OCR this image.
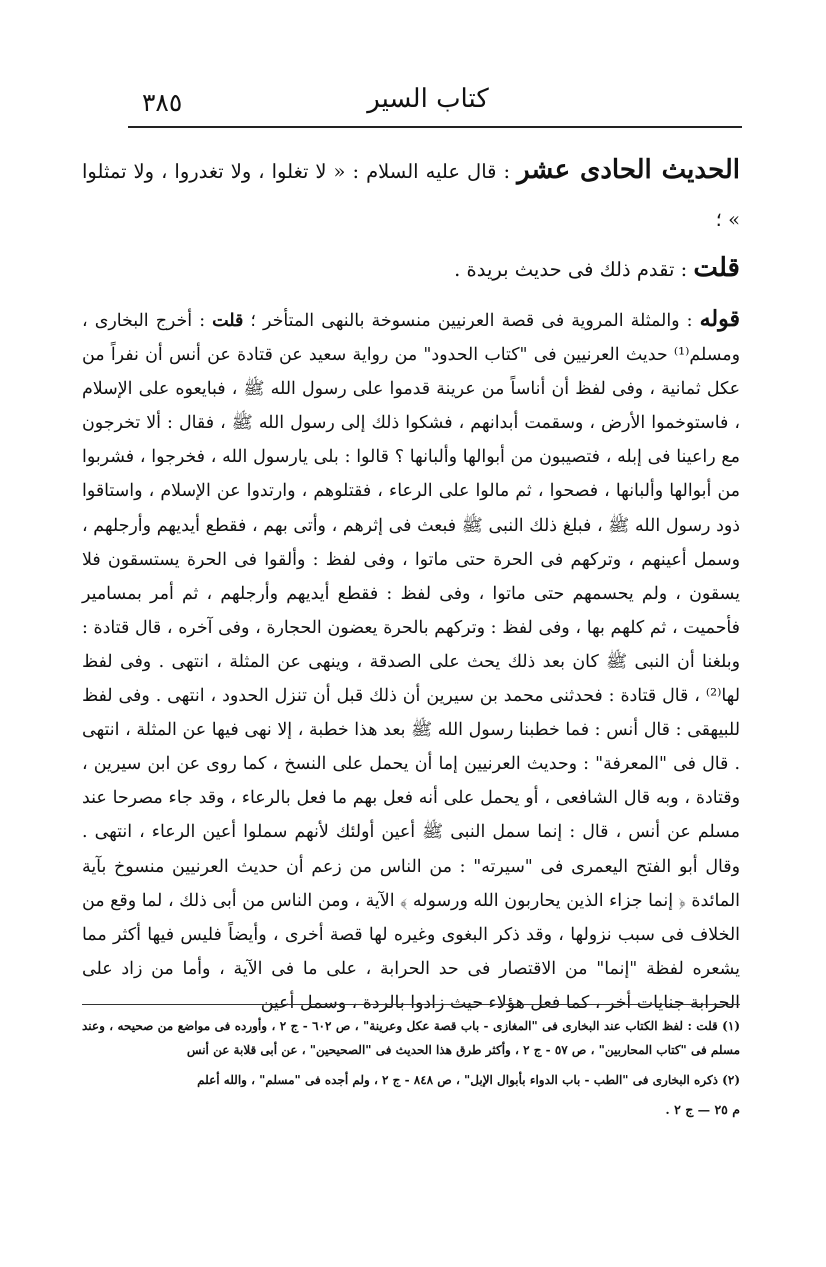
٣٨٥	كتاب السير

الحديث الحادى عشر : قال عليه السلام : « لا تغلوا ، ولا تغدروا ، ولا تمثلوا » ؛

قلت : تقدم ذلك فى حديث بريدة .

قوله : والمثلة المروية فى قصة العرنيين منسوخة بالنهى المتأخر ؛ قلت : أخرج البخارى ، ومسلم⁽¹⁾ حديث العرنيين فى "كتاب الحدود" من رواية سعيد عن قتادة عن أنس أن نفراً من عكل ثمانية ، وفى لفظ أن أناساً من عرينة قدموا على رسول الله ﷺ ، فبايعوه على الإسلام ، فاستوخموا الأرض ، وسقمت أبدانهم ، فشكوا ذلك إلى رسول الله ﷺ ، فقال : ألا تخرجون مع راعينا فى إبله ، فتصيبون من أبوالها وألبانها ؟ قالوا : بلى يارسول الله ، فخرجوا ، فشربوا من أبوالها وألبانها ، فصحوا ، ثم مالوا على الرعاء ، فقتلوهم ، وارتدوا عن الإسلام ، واستاقوا ذود رسول الله ﷺ ، فبلغ ذلك النبى ﷺ فبعث فى إثرهم ، وأتى بهم ، فقطع أيديهم وأرجلهم ، وسمل أعينهم ، وتركهم فى الحرة حتى ماتوا ، وفى لفظ : وألقوا فى الحرة يستسقون فلا يسقون ، ولم يحسمهم حتى ماتوا ، وفى لفظ : فقطع أيديهم وأرجلهم ، ثم أمر بمسامير فأحميت ، ثم كلهم بها ، وفى لفظ : وتركهم بالحرة يعضون الحجارة ، وفى آخره ، قال قتادة : وبلغنا أن النبى ﷺ كان بعد ذلك يحث على الصدقة ، وينهى عن المثلة ، انتهى . وفى لفظ لها⁽²⁾ ، قال قتادة : فحدثنى محمد بن سيرين أن ذلك قبل أن تنزل الحدود ، انتهى . وفى لفظ للبيهقى : قال أنس : فما خطبنا رسول الله ﷺ بعد هذا خطبة ، إلا نهى فيها عن المثلة ، انتهى . قال فى "المعرفة" : وحديث العرنيين إما أن يحمل على النسخ ، كما روى عن ابن سيرين ، وقتادة ، وبه قال الشافعى ، أو يحمل على أنه فعل بهم ما فعل بالرعاء ، وقد جاء مصرحا عند مسلم عن أنس ، قال : إنما سمل النبى ﷺ أعين أولئك لأنهم سملوا أعين الرعاء ، انتهى . وقال أبو الفتح اليعمرى فى "سيرته" : من الناس من زعم أن حديث العرنيين منسوخ بآية المائدة ﴿ إنما جزاء الذين يحاربون الله ورسوله ﴾ الآية ، ومن الناس من أبى ذلك ، لما وقع من الخلاف فى سبب نزولها ، وقد ذكر البغوى وغيره لها قصة أخرى ، وأيضاً فليس فيها أكثر مما يشعره لفظة "إنما" من الاقتصار فى حد الحرابة ، على ما فى الآية ، وأما من زاد على الحرابة جنايات أخر ، كما فعل هؤلاء حيث زادوا بالردة ، وسمل أعين

(١) قلت : لفظ الكتاب عند البخارى فى "المغازى - باب قصة عكل وعرينة" ، ص ٦٠٢ - ج ٢ ، وأورده فى مواضع من صحيحه ، وعند مسلم فى "كتاب المحاربين" ، ص ٥٧ - ج ٢ ، وأكثر طرق هذا الحديث فى "الصحيحين" ، عن أبى قلابة عن أنس

(٢) ذكره البخارى فى "الطب - باب الدواء بأبوال الإبل" ، ص ٨٤٨ - ج ٢ ، ولم أجده فى "مسلم" ، والله أعلم

م ٢٥ — ج ٢ .
